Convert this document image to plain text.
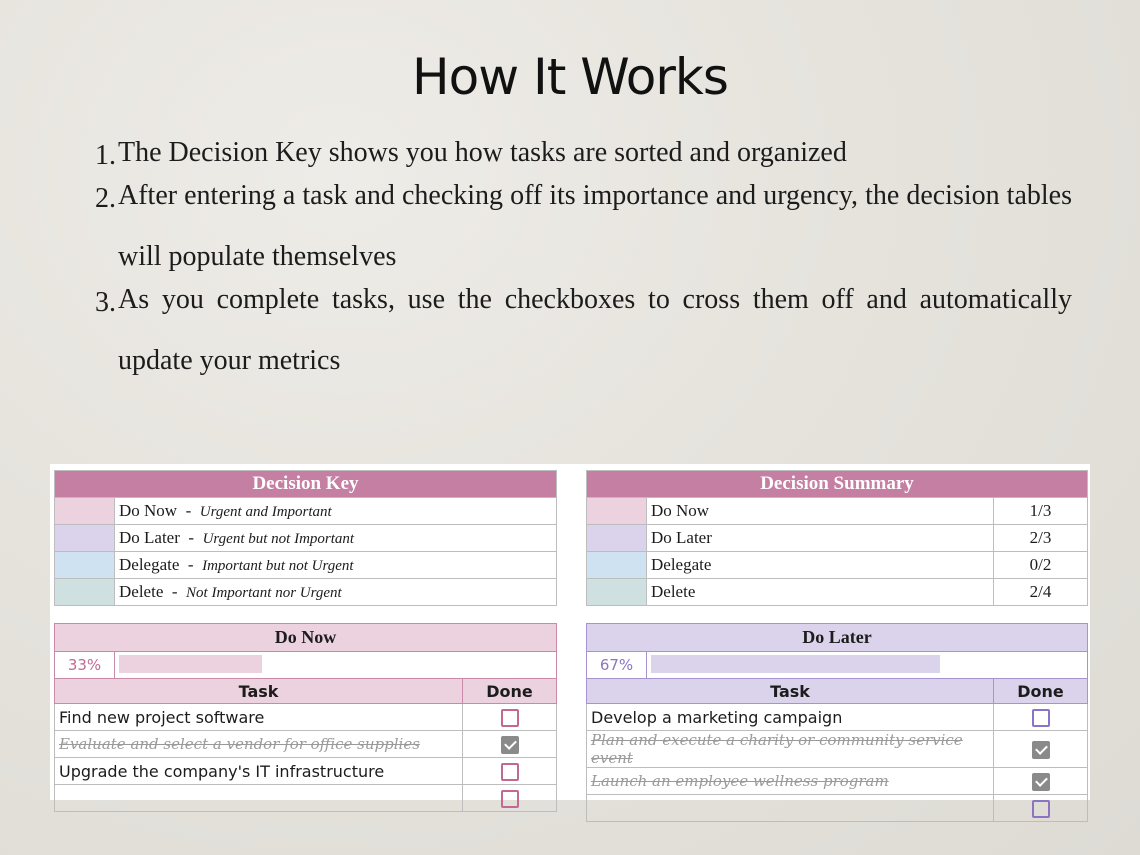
How It Works
1. The Decision Key shows you how tasks are sorted and organized
2. After entering a task and checking off its importance and urgency, the decision tables will populate themselves
3. As you complete tasks, use the checkboxes to cross them off and automatically update your metrics
Decision Key	
	Do Now - Urgent and Important
	Do Later - Urgent but not Important
	Delegate - Important but not Urgent
	Delete - Not Important nor Urgent
Decision Summary		
	Do Now	1/3
	Do Later	2/3
	Delegate	0/2
	Delete	2/4
Do Now		
33%		

Task		Done
Find new project software		
Evaluate and select a vendor for office supplies		
Upgrade the company's IT infrastructure		

Do Later		
67%		

Task		Done
Develop a marketing campaign		
Plan and execute a charity or community service event		
Launch an employee wellness program		
